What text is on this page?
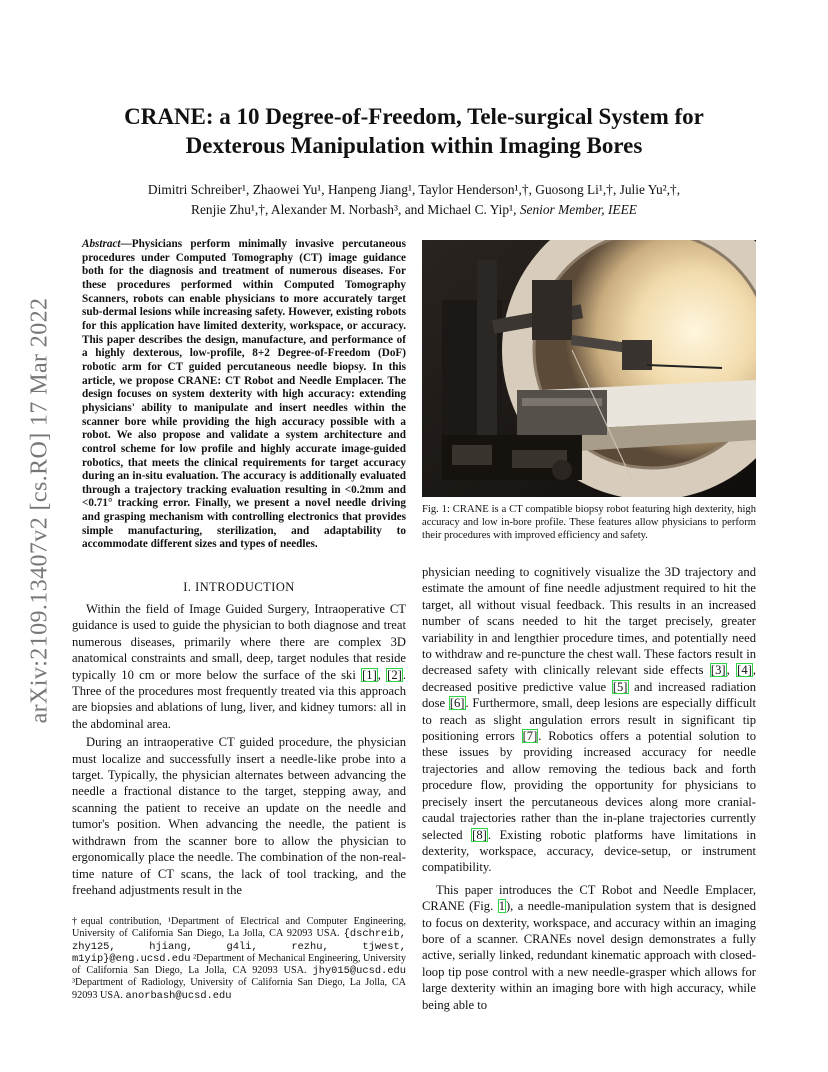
arXiv:2109.13407v2 [cs.RO] 17 Mar 2022
CRANE: a 10 Degree-of-Freedom, Tele-surgical System for
Dexterous Manipulation within Imaging Bores
Dimitri Schreiber¹, Zhaowei Yu¹, Hanpeng Jiang¹, Taylor Henderson¹,†, Guosong Li¹,†, Julie Yu²,†,
Renjie Zhu¹,†, Alexander M. Norbash³, and Michael C. Yip¹, Senior Member, IEEE
Abstract—Physicians perform minimally invasive percutaneous procedures under Computed Tomography (CT) image guidance both for the diagnosis and treatment of numerous diseases. For these procedures performed within Computed Tomography Scanners, robots can enable physicians to more accurately target sub-dermal lesions while increasing safety. However, existing robots for this application have limited dexterity, workspace, or accuracy. This paper describes the design, manufacture, and performance of a highly dexterous, low-profile, 8+2 Degree-of-Freedom (DoF) robotic arm for CT guided percutaneous needle biopsy. In this article, we propose CRANE: CT Robot and Needle Emplacer. The design focuses on system dexterity with high accuracy: extending physicians' ability to manipulate and insert needles within the scanner bore while providing the high accuracy possible with a robot. We also propose and validate a system architecture and control scheme for low profile and highly accurate image-guided robotics, that meets the clinical requirements for target accuracy during an in-situ evaluation. The accuracy is additionally evaluated through a trajectory tracking evaluation resulting in <0.2mm and <0.71° tracking error. Finally, we present a novel needle driving and grasping mechanism with controlling electronics that provides simple manufacturing, sterilization, and adaptability to accommodate different sizes and types of needles.
I. INTRODUCTION

Within the field of Image Guided Surgery, Intraoperative CT guidance is used to guide the physician to both diagnose and treat numerous diseases, primarily where there are complex 3D anatomical constraints and small, deep, target nodules that reside typically 10 cm or more below the surface of the ski [1], [2]. Three of the procedures most frequently treated via this approach are biopsies and ablations of lung, liver, and kidney tumors: all in the abdominal area.

During an intraoperative CT guided procedure, the physician must localize and successfully insert a needle-like probe into a target. Typically, the physician alternates between advancing the needle a fractional distance to the target, stepping away, and scanning the patient to receive an update on the needle and tumor's position. When advancing the needle, the patient is withdrawn from the scanner bore to allow the physician to ergonomically place the needle. The combination of the non-real-time nature of CT scans, the lack of tool tracking, and the freehand adjustments result in the

†equal contribution, ¹Department of Electrical and Computer Engineering, University of California San Diego, La Jolla, CA 92093 USA. {dschreib, zhy125, hjiang, g4li, rezhu, tjwest, m1yip}@eng.ucsd.edu ²Department of Mechanical Engineering, University of California San Diego, La Jolla, CA 92093 USA. jhy015@ucsd.edu ³Department of Radiology, University of California San Diego, La Jolla, CA 92093 USA. anorbash@ucsd.edu
Fig. 1: CRANE is a CT compatible biopsy robot featuring high dexterity, high accuracy and low in-bore profile. These features allow physicians to perform their procedures with improved efficiency and safety.

physician needing to cognitively visualize the 3D trajectory and estimate the amount of fine needle adjustment required to hit the target, all without visual feedback. This results in an increased number of scans needed to hit the target precisely, greater variability in and lengthier procedure times, and potentially need to withdraw and re-puncture the chest wall. These factors result in decreased safety with clinically relevant side effects [3], [4], decreased positive predictive value [5] and increased radiation dose [6]. Furthermore, small, deep lesions are especially difficult to reach as slight angulation errors result in significant tip positioning errors [7]. Robotics offers a potential solution to these issues by providing increased accuracy for needle trajectories and allow removing the tedious back and forth procedure flow, providing the opportunity for physicians to precisely insert the percutaneous devices along more cranial-caudal trajectories rather than the in-plane trajectories currently selected [8]. Existing robotic platforms have limitations in dexterity, workspace, accuracy, device-setup, or instrument compatibility.

This paper introduces the CT Robot and Needle Emplacer, CRANE (Fig. 1), a needle-manipulation system that is designed to focus on dexterity, workspace, and accuracy within an imaging bore of a scanner. CRANEs novel design demonstrates a fully active, serially linked, redundant kinematic approach with closed-loop tip pose control with a new needle-grasper which allows for large dexterity within an imaging bore with high accuracy, while being able to
